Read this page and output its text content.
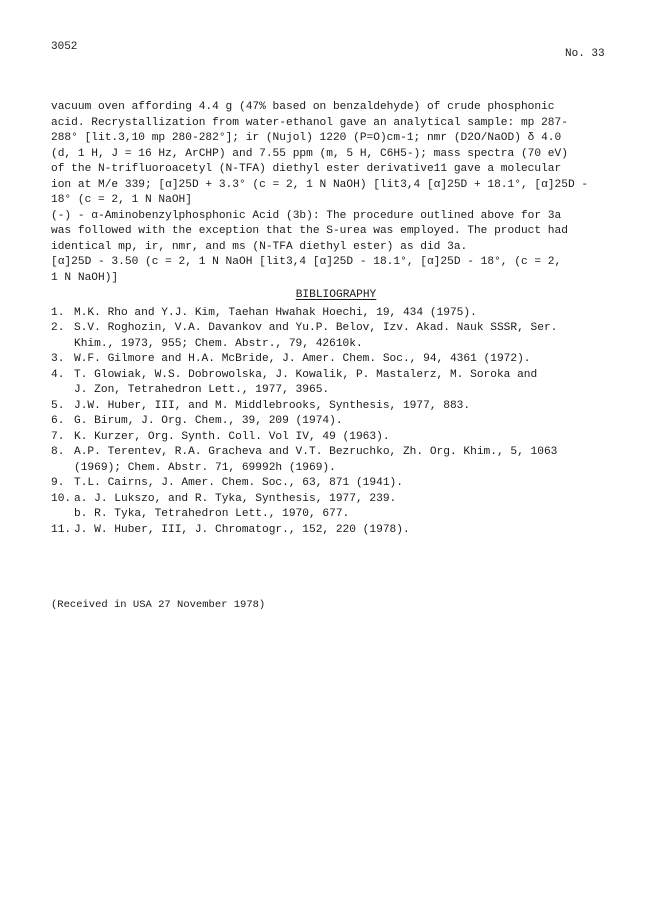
3052
No. 33
vacuum oven affording 4.4 g (47% based on benzaldehyde) of crude phosphonic
acid. Recrystallization from water-ethanol gave an analytical sample: mp 287-
288° [lit.3,10 mp 280-282°]; ir (Nujol) 1220 (P=O)cm-1; nmr (D2O/NaOD) δ 4.0
(d, 1 H, J = 16 Hz, ArCHP) and 7.55 ppm (m, 5 H, C6H5-); mass spectra (70 eV)
of the N-trifluoroacetyl (N-TFA) diethyl ester derivative11 gave a molecular
ion at M/e 339; [α]25D + 3.3° (c = 2, 1 N NaOH) [lit3,4 [α]25D + 18.1°, [α]25D -
18° (c = 2, 1 N NaOH]
(-) - α-Aminobenzylphosphonic Acid (3b): The procedure outlined above for 3a
was followed with the exception that the S-urea was employed. The product had
identical mp, ir, nmr, and ms (N-TFA diethyl ester) as did 3a.
[α]25D - 3.50 (c = 2, 1 N NaOH [lit3,4 [α]25D - 18.1°, [α]25D - 18°, (c = 2,
1 N NaOH)]
BIBLIOGRAPHY
1. M.K. Rho and Y.J. Kim, Taehan Hwahak Hoechi, 19, 434 (1975).
2. S.V. Roghozin, V.A. Davankov and Yu.P. Belov, Izv. Akad. Nauk SSSR, Ser.
Khim., 1973, 955; Chem. Abstr., 79, 42610k.
3. W.F. Gilmore and H.A. McBride, J. Amer. Chem. Soc., 94, 4361 (1972).
4. T. Glowiak, W.S. Dobrowolska, J. Kowalik, P. Mastalerz, M. Soroka and
J. Zon, Tetrahedron Lett., 1977, 3965.
5. J.W. Huber, III, and M. Middlebrooks, Synthesis, 1977, 883.
6. G. Birum, J. Org. Chem., 39, 209 (1974).
7. K. Kurzer, Org. Synth. Coll. Vol IV, 49 (1963).
8. A.P. Terentev, R.A. Gracheva and V.T. Bezruchko, Zh. Org. Khim., 5, 1063
(1969); Chem. Abstr. 71, 69992h (1969).
9. T.L. Cairns, J. Amer. Chem. Soc., 63, 871 (1941).
10. a. J. Lukszo, and R. Tyka, Synthesis, 1977, 239.
b. R. Tyka, Tetrahedron Lett., 1970, 677.
11. J. W. Huber, III, J. Chromatogr., 152, 220 (1978).
(Received in USA 27 November 1978)
